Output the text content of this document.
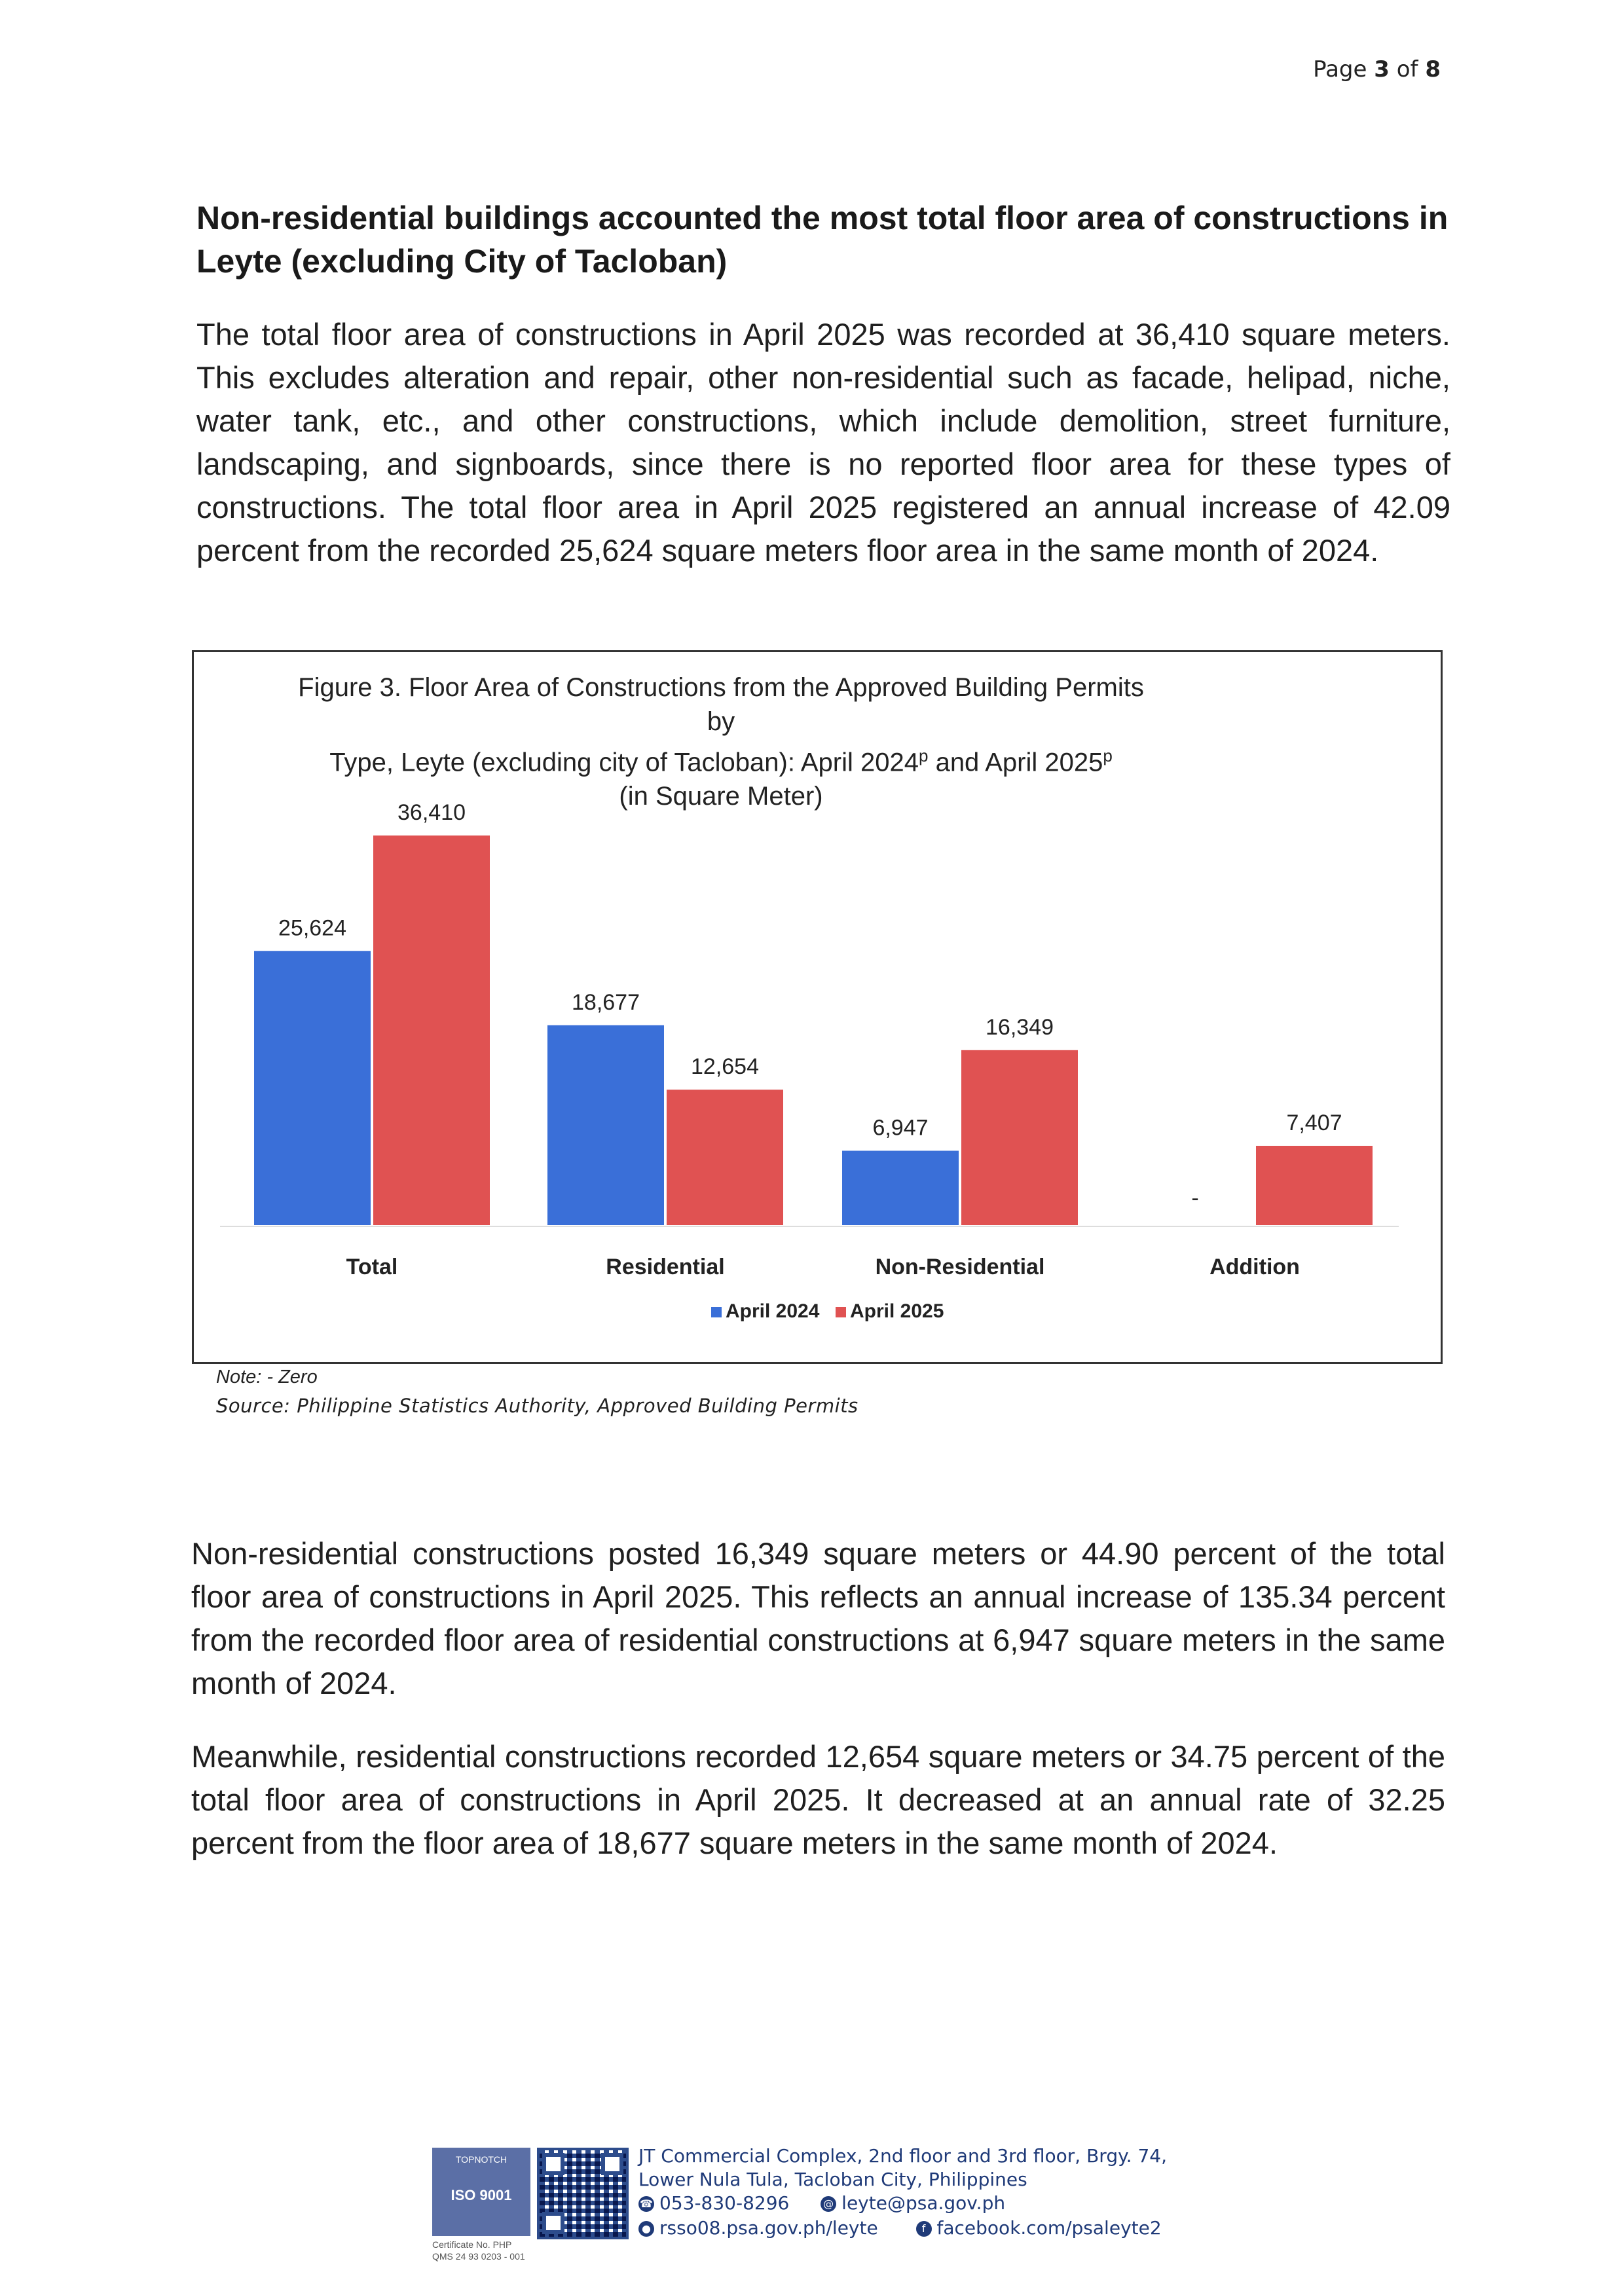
Page 3 of 8
Non-residential buildings accounted the most total floor area of constructions in Leyte (excluding City of Tacloban)
The total floor area of constructions in April 2025 was recorded at 36,410 square meters. This excludes alteration and repair, other non-residential such as facade, helipad, niche, water tank, etc., and other constructions, which include demolition, street furniture, landscaping, and signboards, since there is no reported floor area for these types of constructions. The total floor area in April 2025 registered an annual increase of 42.09 percent from the recorded 25,624 square meters floor area in the same month of 2024.
Figure 3. Floor Area of Constructions from the Approved Building Permits by
Type, Leyte (excluding city of Tacloban): April 2024$^p$ and April 2025$^p$
(in Square Meter)
25,624
36,410
Total
18,677
12,654
Residential
6,947
16,349
Non-Residential
-
7,407
Addition
April 2024 April 2025
Note: - Zero
Source: Philippine Statistics Authority, Approved Building Permits
Non-residential constructions posted 16,349 square meters or 44.90 percent of the total floor area of constructions in April 2025. This reflects an annual increase of 135.34 percent from the recorded floor area of residential constructions at 6,947 square meters in the same month of 2024.
Meanwhile, residential constructions recorded 12,654 square meters or 34.75 percent of the total floor area of constructions in April 2025. It decreased at an annual rate of 32.25 percent from the floor area of 18,677 square meters in the same month of 2024.
TOPNOTCH
ISO 9001
Certificate No. PHP
QMS 24 93 0203 - 001
JT Commercial Complex, 2nd floor and 3rd floor, Brgy. 74,
Lower Nula Tula, Tacloban City, Philippines
☎ 053-830-8296	@ leyte@psa.gov.ph
● rsso08.psa.gov.ph/leyte	f facebook.com/psaleyte2
